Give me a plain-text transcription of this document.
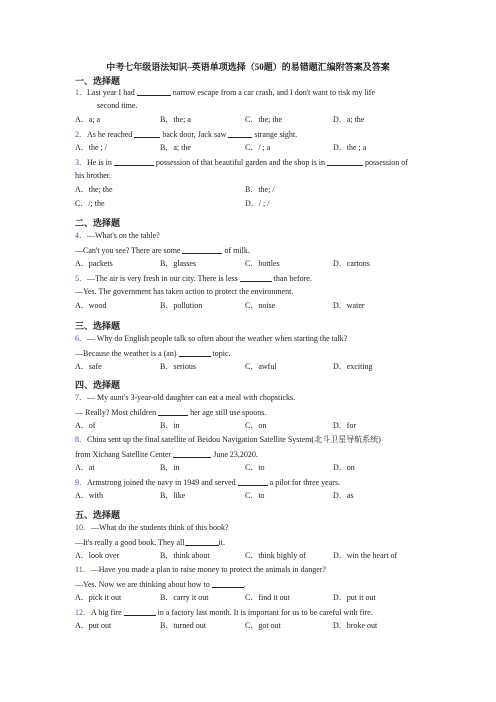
中考七年级语法知识–英语单项选择（50题）的易错题汇编附答案及答案
一、选择题
1．Last year I had	narrow escape from a car crash, and I don't want to risk my life
second time.
A．a; a	B．the; a	C．the; the	D．a; the
2．As he reached	back door, Jack saw	strange sight.
A．the ; /	B．a; the	C．/ ; a	D．the ; a
3．He is in	possession of that beautiful garden and the shop is in	possession of
his brother.
A．the; the	B．the; /
C．/; the	D．/ ; /
二、选择题
4．—What's on the table?
—Can't you see? There are some	of milk.
A．packets	B．glasses	C．bottles	D．cartons
5．—The air is very fresh in our city. There is less	than before.
—Yes. The government has taken action to protect the environment.
A．wood	B．pollution	C．noise	D．water
三、选择题
6．— Why do English people talk so often about the weather when starting the talk?
—Because the weather is a (an)	topic.
A．safe	B．serious	C．awful	D．exciting
四、选择题
7．— My aunt's 3-year-old daughter can eat a meal with chopsticks.
— Really? Most children	her age still use spoons.
A．of	B．in	C．on	D．for
8．China sent up the final satellite of Beidou Navigation Satellite System(北斗卫星导航系统)
from Xichang Satellite Center	June 23,2020.
A．at	B．in	C．to	D．on
9．Armstrong joined the navy in 1949 and served	a pilot for three years.
A．with	B．like	C．to	D．as
五、选择题
10．—What do the students think of this book?
—It's really a good book. They all	it.
A．look over	B．think about	C．think highly of	D．win the heart of
11．—Have you made a plan to raise money to protect the animals in danger?
—Yes. Now we are thinking about how to	.
A．pick it out	B．carry it out	C．find it out	D．put it out
12．A big fire	in a factory last month. It is important for us to be careful with fire.
A．put out	B．turned out	C．got out	D．broke out
